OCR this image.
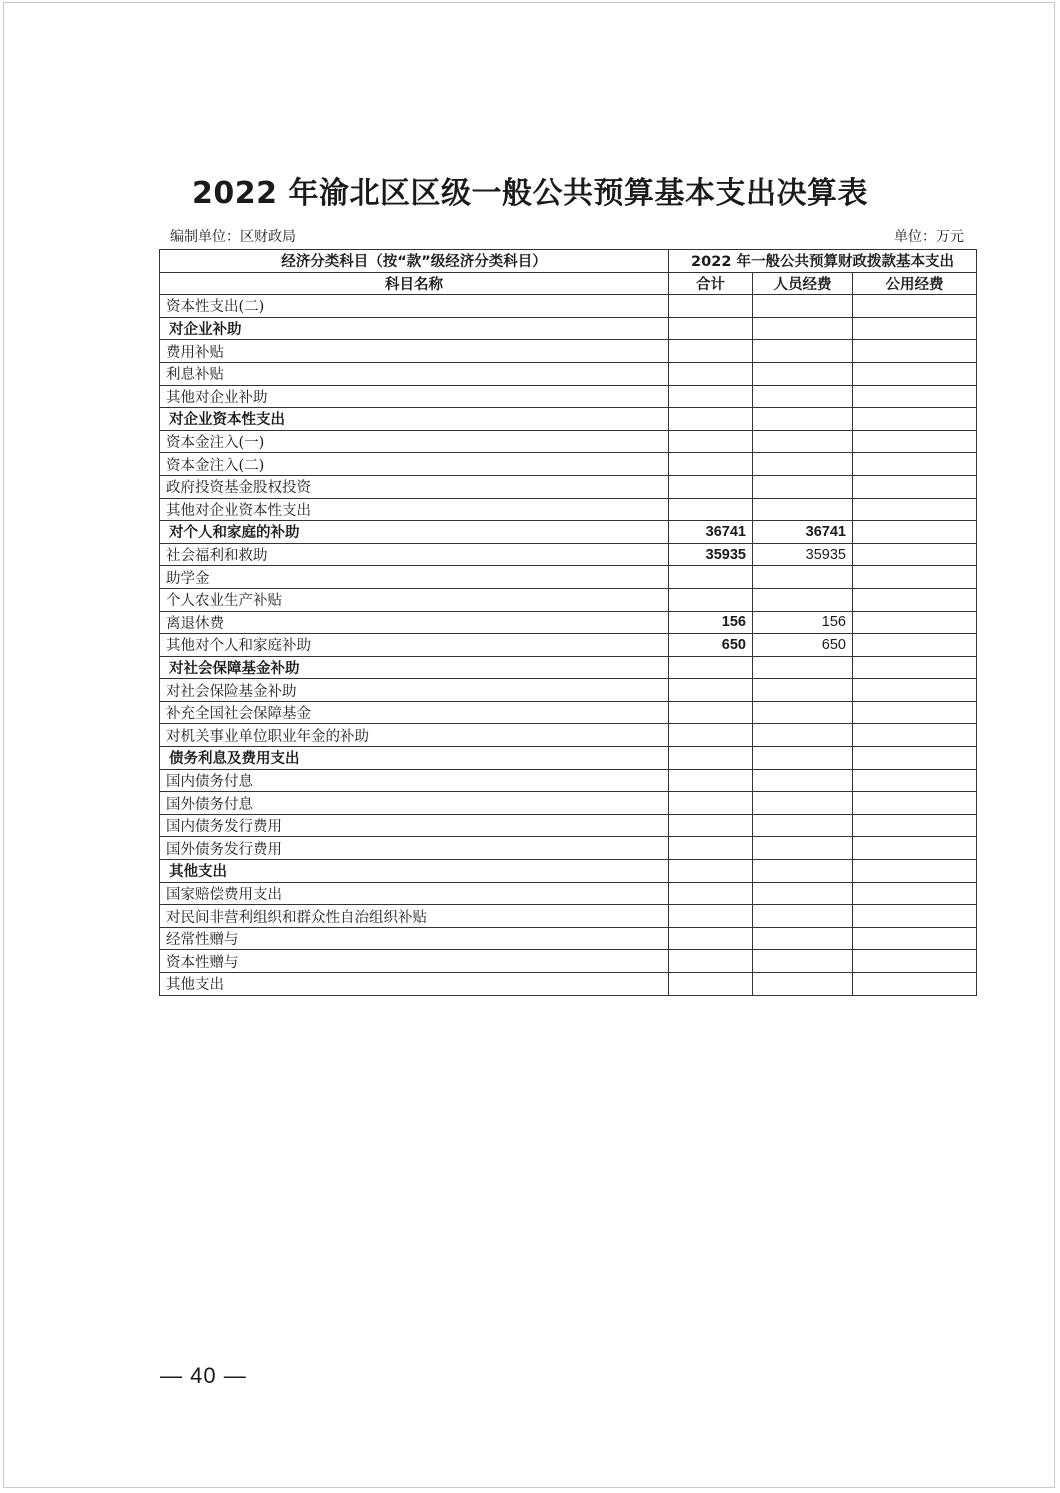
2022 年渝北区区级一般公共预算基本支出决算表
编制单位：区财政局	单位：万元
经济分类科目（按“款”级经济分类科目）	2022 年一般公共预算财政拨款基本支出		
科目名称	合计	人员经费	公用经费
资本性支出(二)			
对企业补助			
费用补贴			
利息补贴			
其他对企业补助			
对企业资本性支出			
资本金注入(一)			
资本金注入(二)			
政府投资基金股权投资			
其他对企业资本性支出			
对个人和家庭的补助	36741	36741	
社会福利和救助	35935	35935	
助学金			
个人农业生产补贴			
离退休费	156	156	
其他对个人和家庭补助	650	650	
对社会保障基金补助			
对社会保险基金补助			
补充全国社会保障基金			
对机关事业单位职业年金的补助			
债务利息及费用支出			
国内债务付息			
国外债务付息			
国内债务发行费用			
国外债务发行费用			
其他支出			
国家赔偿费用支出			
对民间非营利组织和群众性自治组织补贴			
经常性赠与			
资本性赠与			
其他支出			
— 40 —
